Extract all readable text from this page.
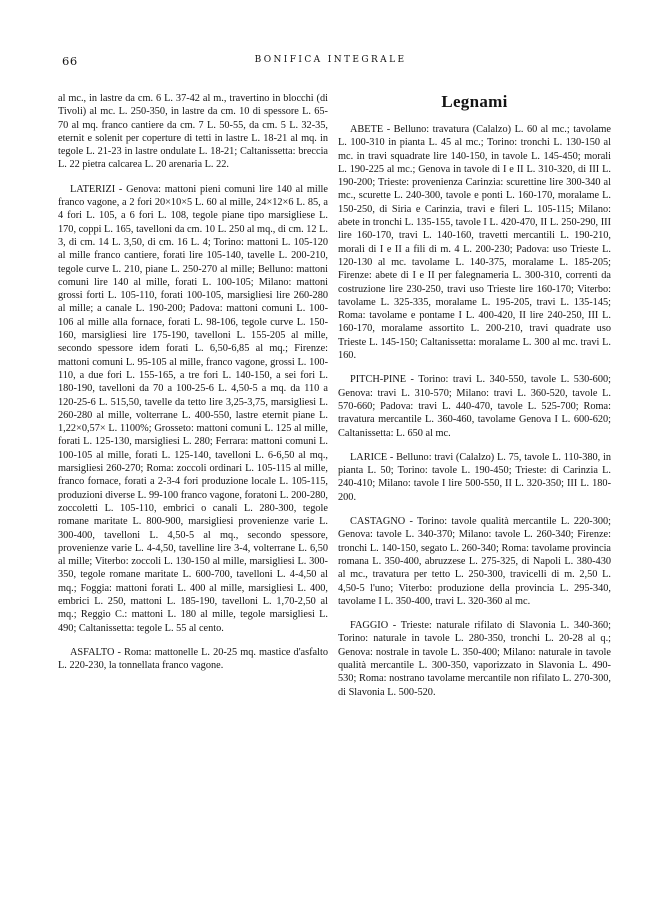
66	BONIFICA INTEGRALE

al mc., in lastre da cm. 6 L. 37-42 al m., travertino in blocchi (di Tivoli) al mc. L. 250-350, in lastre da cm. 10 di spessore L. 65-70 al mq. franco cantiere da cm. 7 L. 50-55, da cm. 5 L. 32-35, eternit e solenit per coperture di tetti in lastre L. 18-21 al mq. in tegole L. 21-23 in lastre ondulate L. 18-21; Caltanissetta: breccia L. 22 pietra calcarea L. 20 arenaria L. 22.

LATERIZI - Genova: mattoni pieni comuni lire 140 al mille franco vagone, a 2 fori 20×10×5 L. 60 al mille, 24×12×6 L. 85, a 4 fori L. 105, a 6 fori L. 108, tegole piane tipo marsigliese L. 170, coppi L. 165, tavelloni da cm. 10 L. 250 al mq., di cm. 12 L. 3, di cm. 14 L. 3,50, di cm. 16 L. 4; Torino: mattoni L. 105-120 al mille franco cantiere, forati lire 105-140, tavelle L. 200-210, tegole curve L. 210, piane L. 250-270 al mille; Belluno: mattoni comuni lire 140 al mille, forati L. 100-105; Milano: mattoni grossi forti L. 105-110, forati 100-105, marsigliesi lire 260-280 al mille; a canale L. 190-200; Padova: mattoni comuni L. 100-106 al mille alla fornace, forati L. 98-106, tegole curve L. 150-160, marsigliesi lire 175-190, tavelloni L. 155-205 al mille, secondo spessore idem forati L. 6,50-6,85 al mq.; Firenze: mattoni comuni L. 95-105 al mille, franco vagone, grossi L. 100-110, a due fori L. 155-165, a tre fori L. 140-150, a sei fori L. 180-190, tavelloni da 70 a 100-25-6 L. 4,50-5 a mq. da 110 a 120-25-6 L. 515,50, tavelle da tetto lire 3,25-3,75, marsigliesi L. 260-280 al mille, volterrane L. 400-550, lastre eternit piane L. 1,22×0,57× L. 1100%; Grosseto: mattoni comuni L. 125 al mille, forati L. 125-130, marsigliesi L. 280; Ferrara: mattoni comuni L. 100-105 al mille, forati L. 125-140, tavelloni L. 6-6,50 al mq., marsigliesi 260-270; Roma: zoccoli ordinari L. 105-115 al mille, franco fornace, forati a 2-3-4 fori produzione locale L. 105-115, produzioni diverse L. 99-100 franco vagone, foratoni L. 200-280, zoccoletti L. 105-110, embrici o canali L. 280-300, tegole romane maritate L. 800-900, marsigliesi provenienze varie L. 300-400, tavelloni L. 4,50-5 al mq., secondo spessore, provenienze varie L. 4-4,50, tavelline lire 3-4, volterrane L. 6,50 al mille; Viterbo: zoccoli L. 130-150 al mille, marsigliesi L. 300-350, tegole romane maritate L. 600-700, tavelloni L. 4-4,50 al mq.; Foggia: mattoni forati L. 400 al mille, marsigliesi L. 400, embrici L. 250, mattoni L. 185-190, tavelloni L. 1,70-2,50 al mq.; Reggio C.: mattoni L. 180 al mille, tegole marsigliesi L. 490; Caltanissetta: tegole L. 55 al cento.

ASFALTO - Roma: mattonelle L. 20-25 mq. mastice d'asfalto L. 220-230, la tonnellata franco vagone.

Legnami

ABETE - Belluno: travatura (Calalzo) L. 60 al mc.; tavolame L. 100-310 in pianta L. 45 al mc.; Torino: tronchi L. 130-150 al mc. in travi squadrate lire 140-150, in tavole L. 145-450; morali L. 190-225 al mc.; Genova in tavole di I e II L. 310-320, di III L. 190-200; Trieste: provenienza Carinzia: scurettine lire 300-340 al mc., scurette L. 240-300, tavole e ponti L. 160-170, moralame L. 150-250, di Siria e Carinzia, travi e fileri L. 105-115; Milano: abete in tronchi L. 135-155, tavole I L. 420-470, II L. 250-290, III lire 160-170, travi L. 140-160, travetti mercantili L. 190-210, morali di I e II a fili di m. 4 L. 200-230; Padova: uso Trieste L. 120-130 al mc. tavolame L. 140-375, moralame L. 185-205; Firenze: abete di I e II per falegnameria L. 300-310, correnti da costruzione lire 230-250, travi uso Trieste lire 160-170; Viterbo: tavolame L. 325-335, moralame L. 195-205, travi L. 135-145; Roma: tavolame e pontame I L. 400-420, II lire 240-250, III L. 160-170, moralame assortito L. 200-210, travi quadrate uso Trieste L. 145-150; Caltanissetta: moralame L. 300 al mc. travi L. 160.

PITCH-PINE - Torino: travi L. 340-550, tavole L. 530-600; Genova: travi L. 310-570; Milano: travi L. 360-520, tavole L. 570-660; Padova: travi L. 440-470, tavole L. 525-700; Roma: travatura mercantile L. 360-460, tavolame Genova I L. 600-620; Caltanissetta: L. 650 al mc.

LARICE - Belluno: travi (Calalzo) L. 75, tavole L. 110-380, in pianta L. 50; Torino: tavole L. 190-450; Trieste: di Carinzia L. 240-410; Milano: tavole I lire 500-550, II L. 320-350; III L. 180-200.

CASTAGNO - Torino: tavole qualità mercantile L. 220-300; Genova: tavole L. 340-370; Milano: tavole L. 260-340; Firenze: tronchi L. 140-150, segato L. 260-340; Roma: tavolame provincia romana L. 350-400, abruzzese L. 275-325, di Napoli L. 380-430 al mc., travatura per tetto L. 250-300, travicelli di m. 2,50 L. 4,50-5 l'uno; Viterbo: produzione della provincia L. 295-340, tavolame I L. 350-400, travi L. 320-360 al mc.

FAGGIO - Trieste: naturale rifilato di Slavonia L. 340-360; Torino: naturale in tavole L. 280-350, tronchi L. 20-28 al q.; Genova: nostrale in tavole L. 350-400; Milano: naturale in tavole qualità mercantile L. 300-350, vaporizzato in Slavonia L. 490-530; Roma: nostrano tavolame mercantile non rifilato L. 270-300, di Slavonia L. 500-520.
